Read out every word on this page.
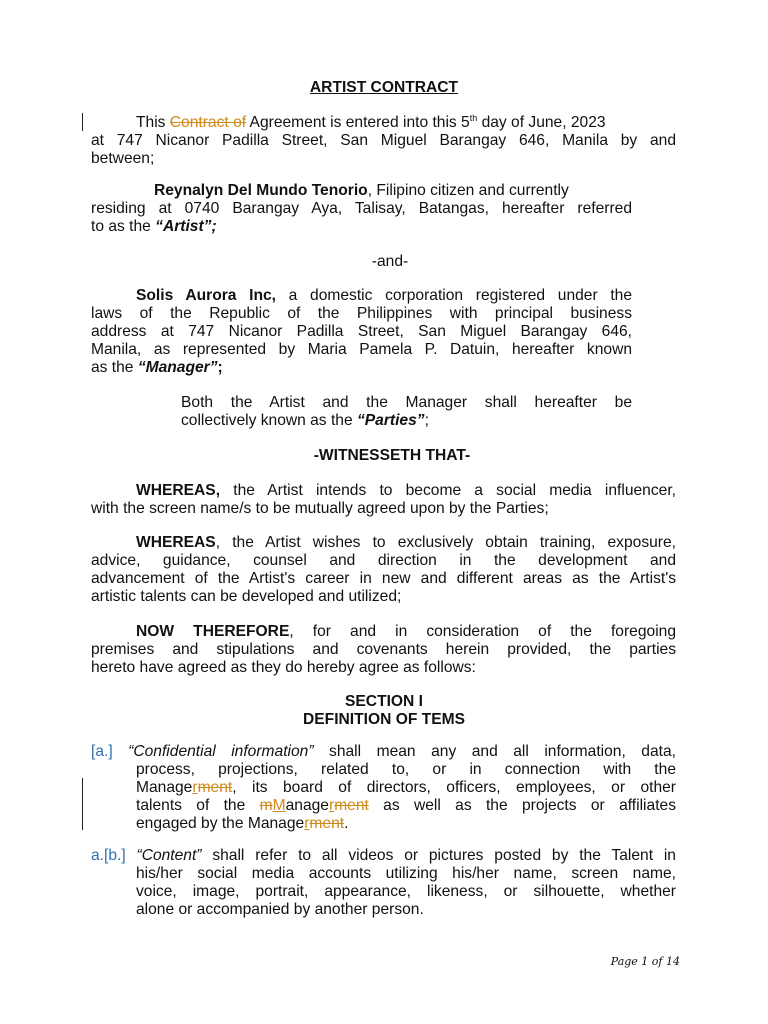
ARTIST CONTRACT
This Contract of Agreement is entered into this 5th day of June, 2023
at 747 Nicanor Padilla Street, San Miguel Barangay 646, Manila by and
between;
Reynalyn Del Mundo Tenorio, Filipino citizen and currently
residing at 0740 Barangay Aya, Talisay, Batangas, hereafter referred
to as the “Artist”;
-and-
Solis Aurora Inc, a domestic corporation registered under the
laws of the Republic of the Philippines with principal business
address at 747 Nicanor Padilla Street, San Miguel Barangay 646,
Manila, as represented by Maria Pamela P. Datuin, hereafter known
as the “Manager”;
Both the Artist and the Manager shall hereafter be
collectively known as the “Parties”;
-WITNESSETH THAT-
WHEREAS, the Artist intends to become a social media influencer,
with the screen name/s to be mutually agreed upon by the Parties;
WHEREAS, the Artist wishes to exclusively obtain training, exposure,
advice, guidance, counsel and direction in the development and
advancement of the Artist's career in new and different areas as the Artist's
artistic talents can be developed and utilized;
NOW THEREFORE, for and in consideration of the foregoing
premises and stipulations and covenants herein provided, the parties
hereto have agreed as they do hereby agree as follows:
SECTION I
DEFINITION OF TEMS
[a.] “Confidential information” shall mean any and all information, data,
process, projections, related to, or in connection with the
Managerment, its board of directors, officers, employees, or other
talents of the mManagerment as well as the projects or affiliates
engaged by the Managerment.
a.[b.] “Content” shall refer to all videos or pictures posted by the Talent in
his/her social media accounts utilizing his/her name, screen name,
voice, image, portrait, appearance, likeness, or silhouette, whether
alone or accompanied by another person.
Page 1 of 14
